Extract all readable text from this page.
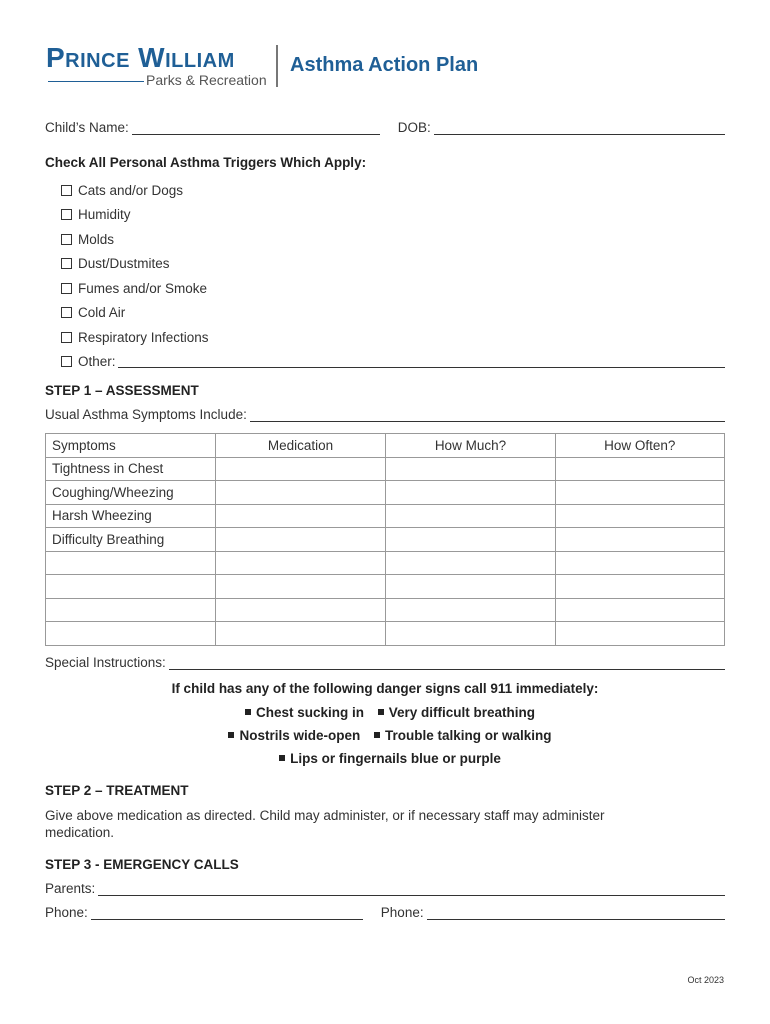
Prince William
Parks & Recreation
Asthma Action Plan
Child’s Name:	DOB:
Check All Personal Asthma Triggers Which Apply:
Cats and/or Dogs
Humidity
Molds
Dust/Dustmites
Fumes and/or Smoke
Cold Air
Respiratory Infections
Other:
STEP 1 – ASSESSMENT
Usual Asthma Symptoms Include:
Symptoms	Medication	How Much?	How Often?
Tightness in Chest			
Coughing/Wheezing			
Harsh Wheezing			
Difficulty Breathing			

Special Instructions:
If child has any of the following danger signs call 911 immediately:
Chest sucking in Very difficult breathing
Nostrils wide-open Trouble talking or walking
Lips or fingernails blue or purple
STEP 2 – TREATMENT
Give above medication as directed. Child may administer, or if necessary staff may administer medication.
STEP 3 - EMERGENCY CALLS
Parents:
Phone:	Phone:
Oct 2023
